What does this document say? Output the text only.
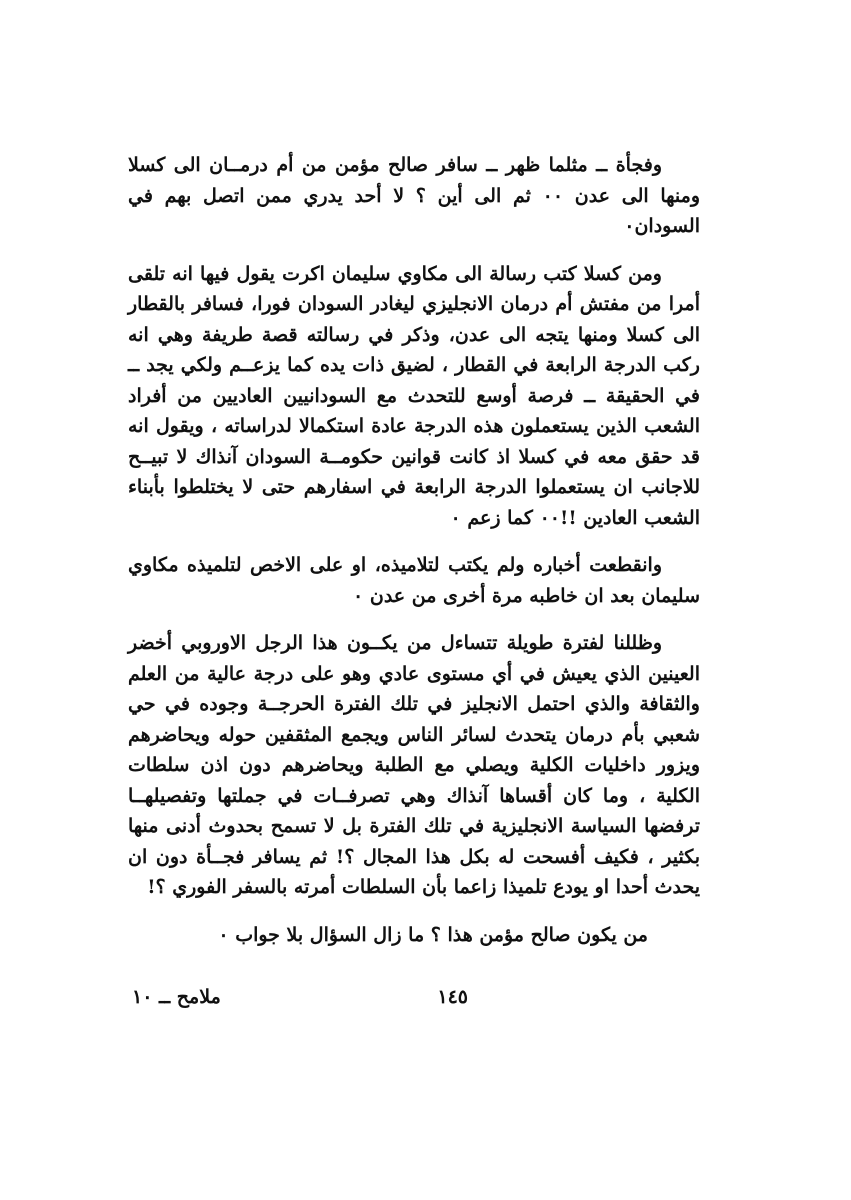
وفجأة ــ مثلما ظهر ــ سافر صالح مؤمن من أم درمــان الى كسلا ومنها الى عدن ٠٠ ثم الى أين ؟ لا أحد يدري ممن اتصل بهم في السودان٠

ومن كسلا كتب رسالة الى مكاوي سليمان اكرت يقول فيها انه تلقى أمرا من مفتش أم درمان الانجليزي ليغادر السودان فورا، فسافر بالقطار الى كسلا ومنها يتجه الى عدن، وذكر في رسالته قصة طريفة وهي انه ركب الدرجة الرابعة في القطار ، لضيق ذات يده كما يزعــم ولكي يجد ــ في الحقيقة ــ فرصة أوسع للتحدث مع السودانيين العاديين من أفراد الشعب الذين يستعملون هذه الدرجة عادة استكمالا لدراساته ، ويقول انه قد حقق معه في كسلا اذ كانت قوانين حكومــة السودان آنذاك لا تبيــح للاجانب ان يستعملوا الدرجة الرابعة في اسفارهم حتى لا يختلطوا بأبناء الشعب العادين !!٠٠ كما زعم ٠

وانقطعت أخباره ولم يكتب لتلاميذه، او على الاخص لتلميذه مكاوي سليمان بعد ان خاطبه مرة أخرى من عدن ٠

وظللنا لفترة طويلة تتساءل من يكــون هذا الرجل الاوروبي أخضر العينين الذي يعيش في أي مستوى عادي وهو على درجة عالية من العلم والثقافة والذي احتمل الانجليز في تلك الفترة الحرجــة وجوده في حي شعبي بأم درمان يتحدث لسائر الناس ويجمع المثقفين حوله ويحاضرهم ويزور داخليات الكلية ويصلي مع الطلبة ويحاضرهم دون اذن سلطات الكلية ، وما كان أقساها آنذاك وهي تصرفــات في جملتها وتفصيلهــا ترفضها السياسة الانجليزية في تلك الفترة بل لا تسمح بحدوث أدنى منها بكثير ، فكيف أفسحت له بكل هذا المجال ؟! ثم يسافر فجــأة دون ان يحدث أحدا او يودع تلميذا زاعما بأن السلطات أمرته بالسفر الفوري ؟!

من يكون صالح مؤمن هذا ؟ ما زال السؤال بلا جواب ٠

١٤٥
ملامح ــ ١٠
